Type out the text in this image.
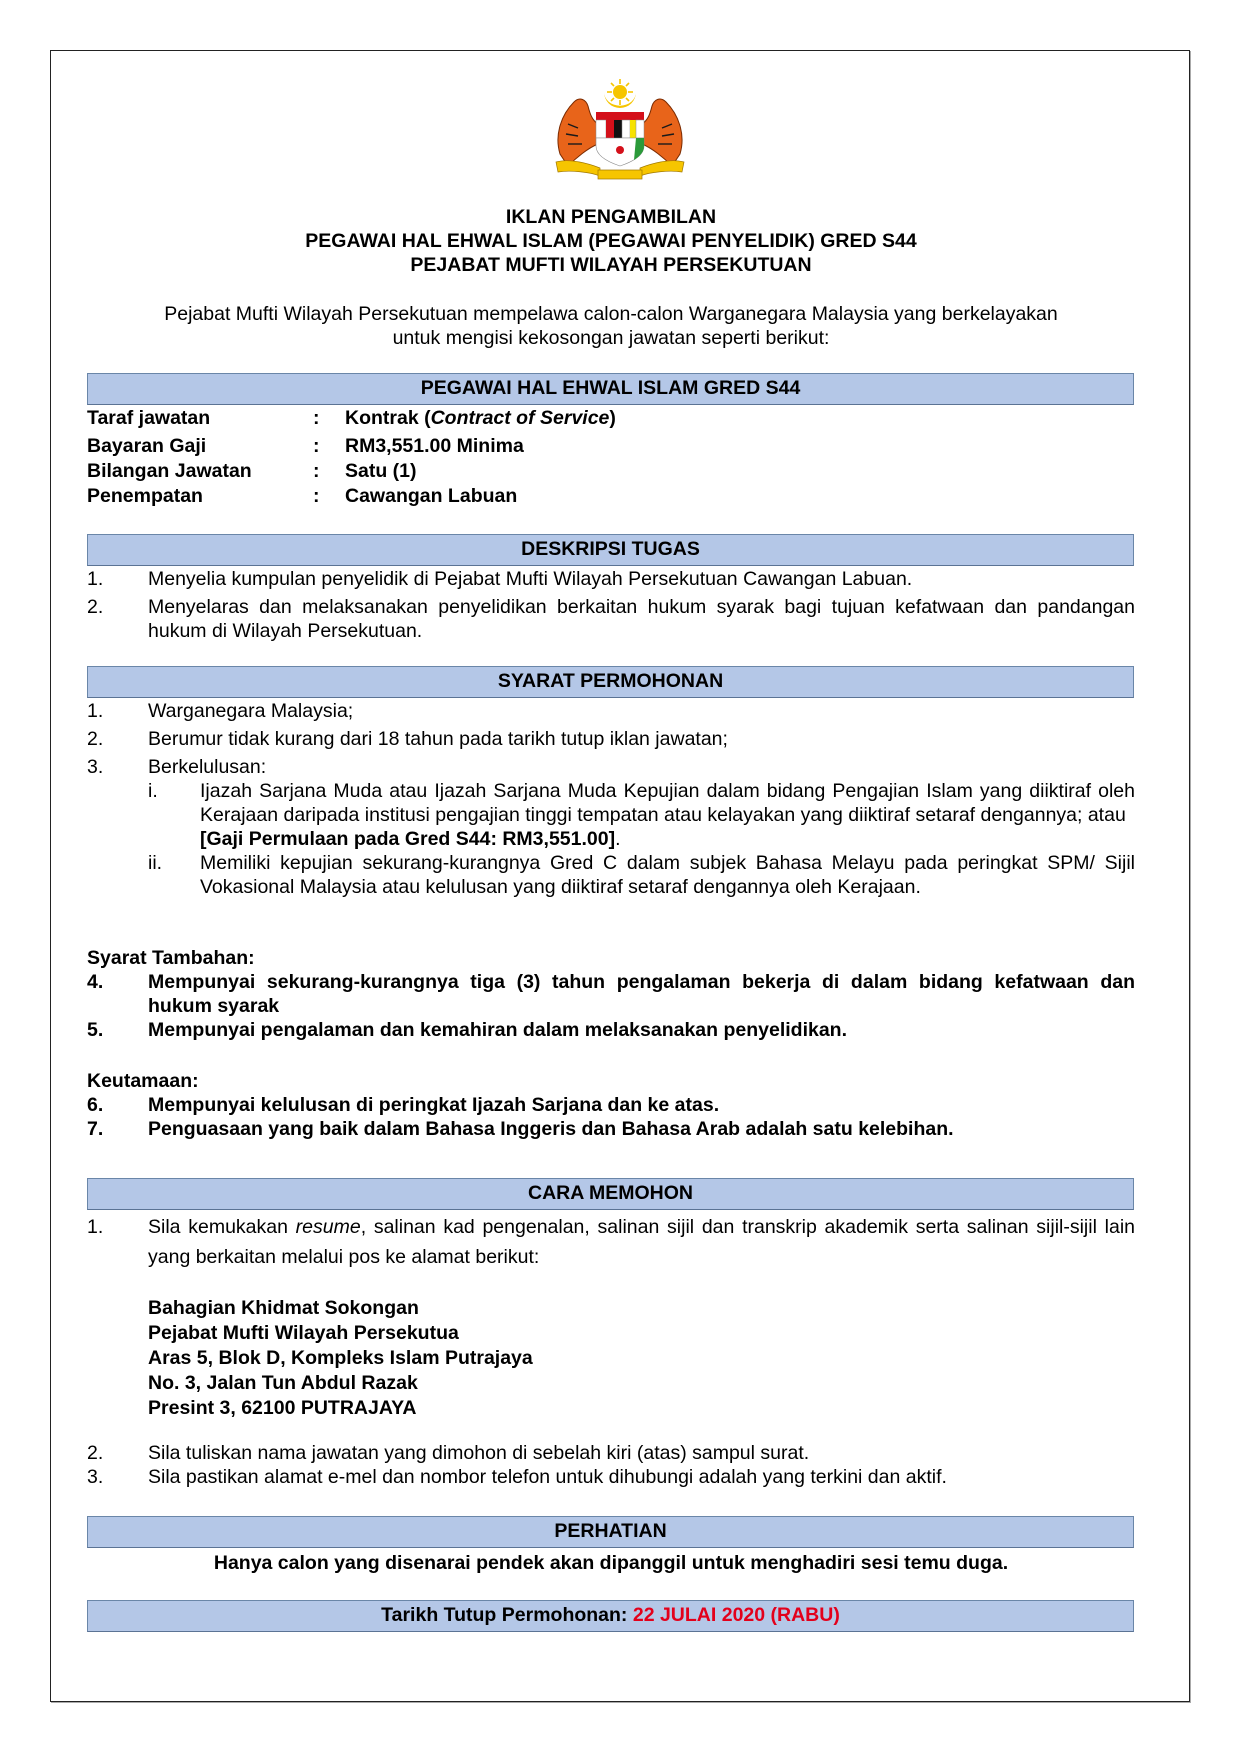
IKLAN PENGAMBILAN
PEGAWAI HAL EHWAL ISLAM (PEGAWAI PENYELIDIK) GRED S44
PEJABAT MUFTI WILAYAH PERSEKUTUAN
Pejabat Mufti Wilayah Persekutuan mempelawa calon-calon Warganegara Malaysia yang berkelayakan
untuk mengisi kekosongan jawatan seperti berikut:
PEGAWAI HAL EHWAL ISLAM GRED S44
Taraf jawatan	: Kontrak (Contract of Service)
Bayaran Gaji	: RM3,551.00 Minima
Bilangan Jawatan	: Satu (1)
Penempatan	: Cawangan Labuan
DESKRIPSI TUGAS
1. Menyelia kumpulan penyelidik di Pejabat Mufti Wilayah Persekutuan Cawangan Labuan.
2. Menyelaras dan melaksanakan penyelidikan berkaitan hukum syarak bagi tujuan kefatwaan dan pandangan hukum di Wilayah Persekutuan.
SYARAT PERMOHONAN
1. Warganegara Malaysia;
2. Berumur tidak kurang dari 18 tahun pada tarikh tutup iklan jawatan;
3. Berkelulusan:
i. Ijazah Sarjana Muda atau Ijazah Sarjana Muda Kepujian dalam bidang Pengajian Islam yang diiktiraf oleh Kerajaan daripada institusi pengajian tinggi tempatan atau kelayakan yang diiktiraf setaraf dengannya; atau
[Gaji Permulaan pada Gred S44: RM3,551.00].
ii. Memiliki kepujian sekurang-kurangnya Gred C dalam subjek Bahasa Melayu pada peringkat SPM/ Sijil Vokasional Malaysia atau kelulusan yang diiktiraf setaraf dengannya oleh Kerajaan.
Syarat Tambahan:
4. Mempunyai sekurang-kurangnya tiga (3) tahun pengalaman bekerja di dalam bidang kefatwaan dan hukum syarak
5. Mempunyai pengalaman dan kemahiran dalam melaksanakan penyelidikan.
Keutamaan:
6. Mempunyai kelulusan di peringkat Ijazah Sarjana dan ke atas.
7. Penguasaan yang baik dalam Bahasa Inggeris dan Bahasa Arab adalah satu kelebihan.
CARA MEMOHON
1. Sila kemukakan resume, salinan kad pengenalan, salinan sijil dan transkrip akademik serta salinan sijil-sijil lain yang berkaitan melalui pos ke alamat berikut:
Bahagian Khidmat Sokongan
Pejabat Mufti Wilayah Persekutua
Aras 5, Blok D, Kompleks Islam Putrajaya
No. 3, Jalan Tun Abdul Razak
Presint 3, 62100 PUTRAJAYA
2. Sila tuliskan nama jawatan yang dimohon di sebelah kiri (atas) sampul surat.
3. Sila pastikan alamat e-mel dan nombor telefon untuk dihubungi adalah yang terkini dan aktif.
PERHATIAN
Hanya calon yang disenarai pendek akan dipanggil untuk menghadiri sesi temu duga.
Tarikh Tutup Permohonan: 22 JULAI 2020 (RABU)
